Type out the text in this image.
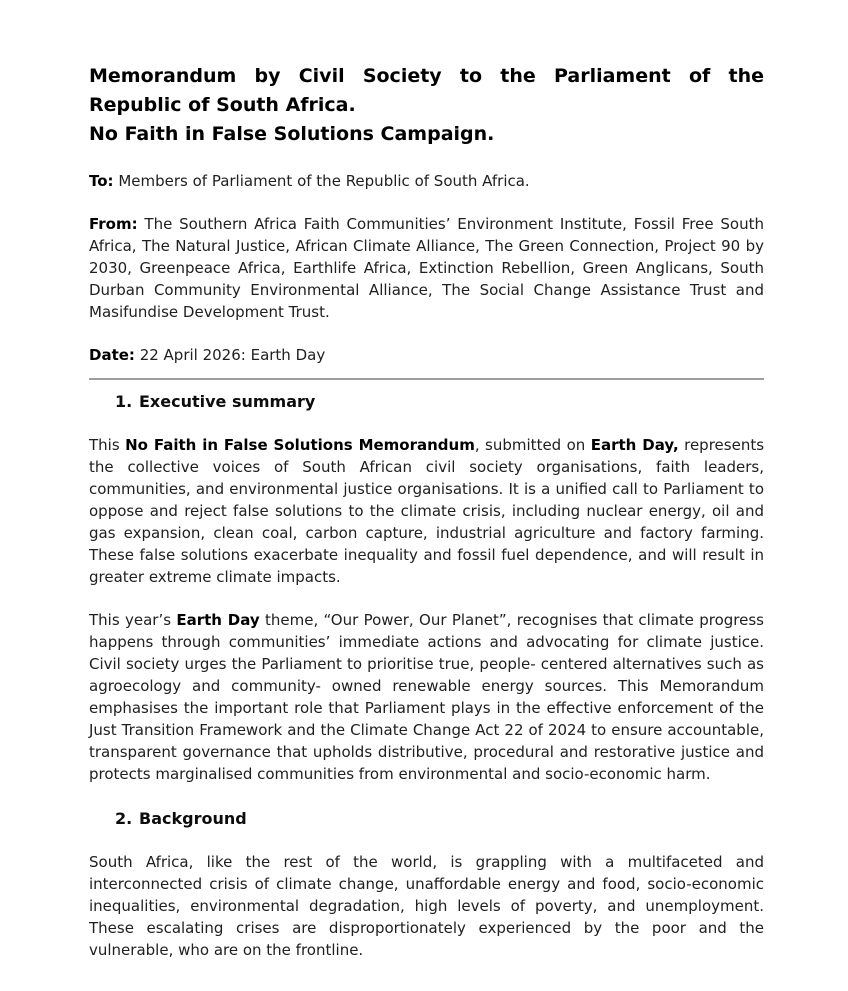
Memorandum by Civil Society to the Parliament of the
Republic of South Africa.
No Faith in False Solutions Campaign.

To: Members of Parliament of the Republic of South Africa.

From: The Southern Africa Faith Communities’ Environment Institute, Fossil Free South Africa, The Natural Justice, African Climate Alliance, The Green Connection, Project 90 by 2030, Greenpeace Africa, Earthlife Africa, Extinction Rebellion, Green Anglicans, South Durban Community Environmental Alliance, The Social Change Assistance Trust and Masifundise Development Trust.

Date: 22 April 2026: Earth Day

1. Executive summary

This No Faith in False Solutions Memorandum, submitted on Earth Day, represents the collective voices of South African civil society organisations, faith leaders, communities, and environmental justice organisations. It is a unified call to Parliament to oppose and reject false solutions to the climate crisis, including nuclear energy, oil and gas expansion, clean coal, carbon capture, industrial agriculture and factory farming. These false solutions exacerbate inequality and fossil fuel dependence, and will result in greater extreme climate impacts.

This year’s Earth Day theme, “Our Power, Our Planet”, recognises that climate progress happens through communities’ immediate actions and advocating for climate justice. Civil society urges the Parliament to prioritise true, people- centered alternatives such as agroecology and community- owned renewable energy sources. This Memorandum emphasises the important role that Parliament plays in the effective enforcement of the Just Transition Framework and the Climate Change Act 22 of 2024 to ensure accountable, transparent governance that upholds distributive, procedural and restorative justice and protects marginalised communities from environmental and socio-economic harm.

2. Background

South Africa, like the rest of the world, is grappling with a multifaceted and interconnected crisis of climate change, unaffordable energy and food, socio-economic inequalities, environmental degradation, high levels of poverty, and unemployment. These escalating crises are disproportionately experienced by the poor and the vulnerable, who are on the frontline.
